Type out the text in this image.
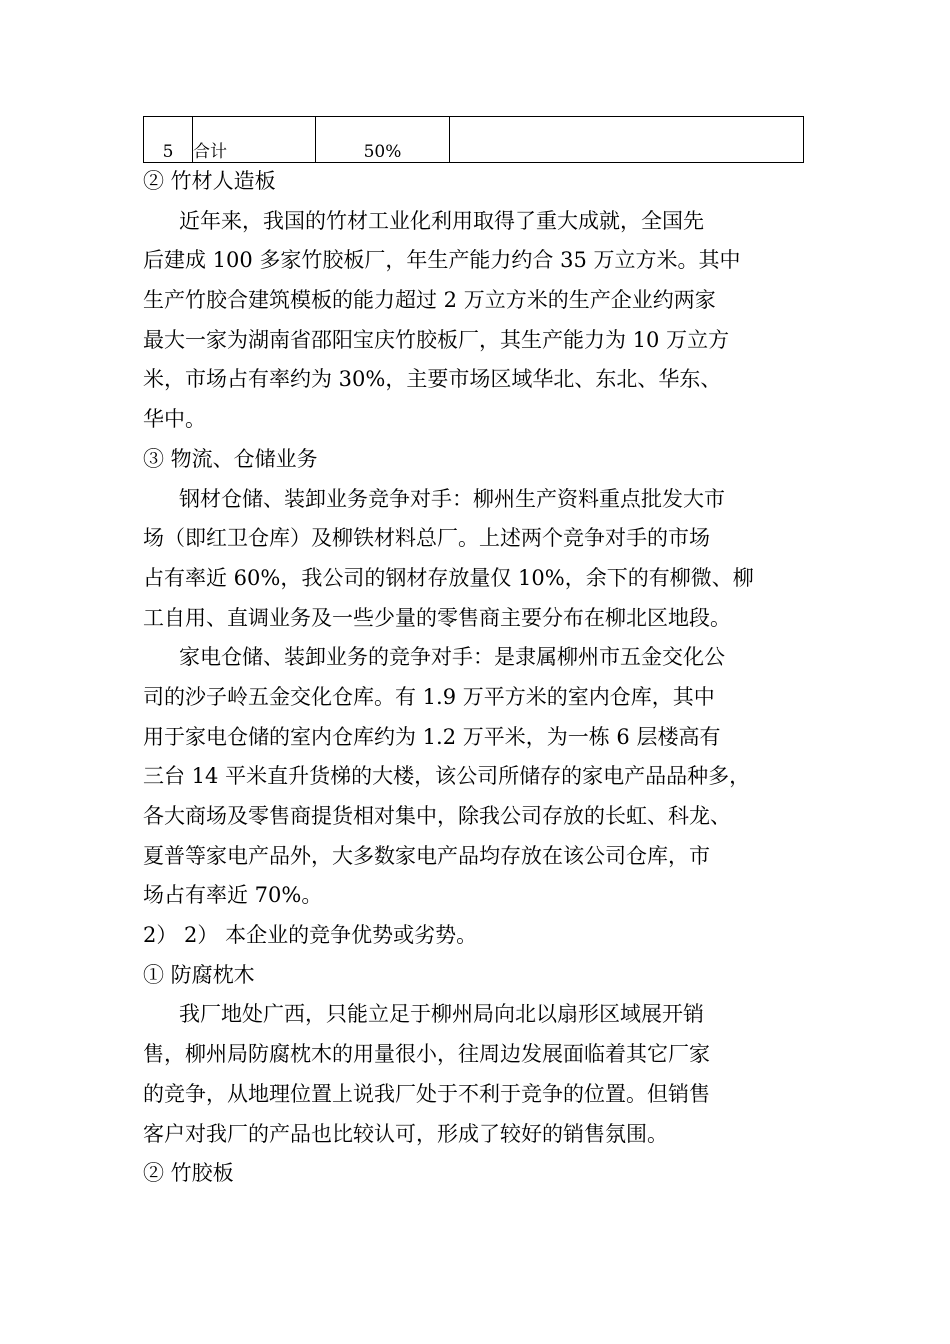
5	合计	50%	
② 竹材人造板
近年来，我国的竹材工业化利用取得了重大成就，全国先
后建成 100 多家竹胶板厂，年生产能力约合 35 万立方米。其中
生产竹胶合建筑模板的能力超过 2 万立方米的生产企业约两家
最大一家为湖南省邵阳宝庆竹胶板厂，其生产能力为 10 万立方
米，市场占有率约为 30%，主要市场区域华北、东北、华东、
华中。
③ 物流、仓储业务
钢材仓储、装卸业务竞争对手：柳州生产资料重点批发大市
场（即红卫仓库）及柳铁材料总厂。上述两个竞争对手的市场
占有率近 60%，我公司的钢材存放量仅 10%，余下的有柳微、柳
工自用、直调业务及一些少量的零售商主要分布在柳北区地段。
家电仓储、装卸业务的竞争对手：是隶属柳州市五金交化公
司的沙子岭五金交化仓库。有 1.9 万平方米的室内仓库，其中
用于家电仓储的室内仓库约为 1.2 万平米，为一栋 6 层楼高有
三台 14 平米直升货梯的大楼，该公司所储存的家电产品品种多，
各大商场及零售商提货相对集中，除我公司存放的长虹、科龙、
夏普等家电产品外，大多数家电产品均存放在该公司仓库，市
场占有率近 70%。
2） 2） 本企业的竞争优势或劣势。
① 防腐枕木
我厂地处广西，只能立足于柳州局向北以扇形区域展开销
售，柳州局防腐枕木的用量很小，往周边发展面临着其它厂家
的竞争，从地理位置上说我厂处于不利于竞争的位置。但销售
客户对我厂的产品也比较认可，形成了较好的销售氛围。
② 竹胶板
